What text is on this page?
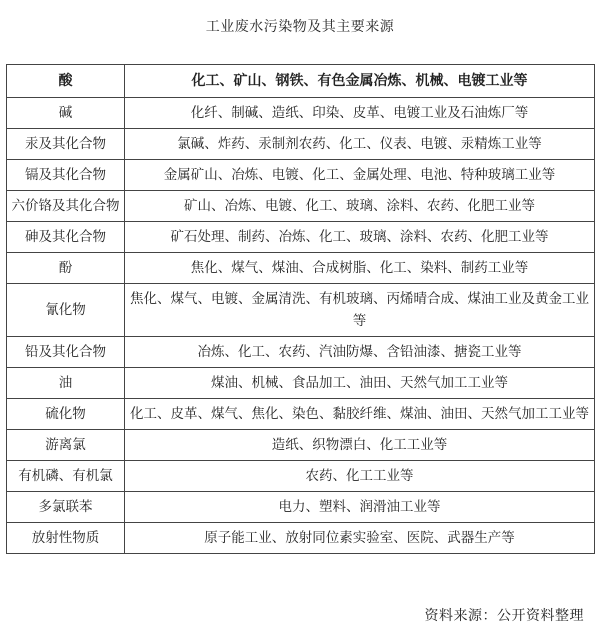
工业废水污染物及其主要来源
酸	化工、矿山、钢铁、有色金属冶炼、机械、电镀工业等
碱	化纤、制碱、造纸、印染、皮革、电镀工业及石油炼厂等
汞及其化合物	氯碱、炸药、汞制剂农药、化工、仪表、电镀、汞精炼工业等
镉及其化合物	金属矿山、冶炼、电镀、化工、金属处理、电池、特种玻璃工业等
六价铬及其化合物	矿山、冶炼、电镀、化工、玻璃、涂料、农药、化肥工业等
砷及其化合物	矿石处理、制药、冶炼、化工、玻璃、涂料、农药、化肥工业等
酚	焦化、煤气、煤油、合成树脂、化工、染料、制药工业等
氰化物	焦化、煤气、电镀、金属清洗、有机玻璃、丙烯晴合成、煤油工业及黄金工业等
铅及其化合物	冶炼、化工、农药、汽油防爆、含铅油漆、搪瓷工业等
油	煤油、机械、食品加工、油田、天然气加工工业等
硫化物	化工、皮革、煤气、焦化、染色、黏胶纤维、煤油、油田、天然气加工工业等
游离氯	造纸、织物漂白、化工工业等
有机磷、有机氯	农药、化工工业等
多氯联苯	电力、塑料、润滑油工业等
放射性物质	原子能工业、放射同位素实验室、医院、武器生产等
资料来源：公开资料整理
